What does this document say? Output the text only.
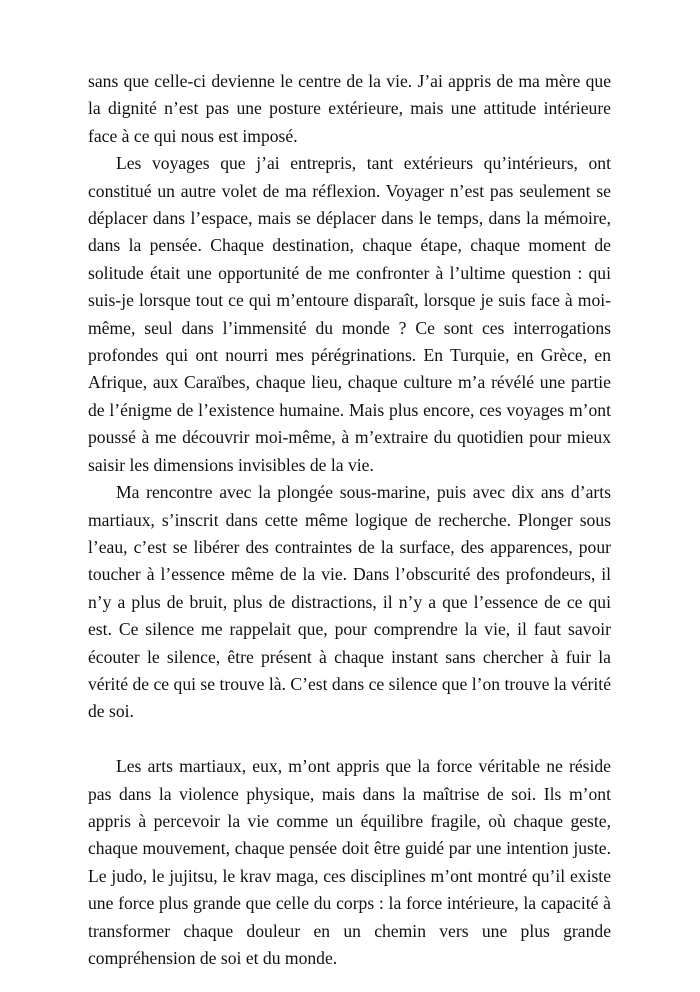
sans que celle-ci devienne le centre de la vie. J’ai appris de ma mère que la dignité n’est pas une posture extérieure, mais une attitude intérieure face à ce qui nous est imposé.

Les voyages que j’ai entrepris, tant extérieurs qu’intérieurs, ont constitué un autre volet de ma réflexion. Voyager n’est pas seulement se déplacer dans l’espace, mais se déplacer dans le temps, dans la mémoire, dans la pensée. Chaque destination, chaque étape, chaque moment de solitude était une opportunité de me confronter à l’ultime question : qui suis-je lorsque tout ce qui m’entoure disparaît, lorsque je suis face à moi-même, seul dans l’immensité du monde ? Ce sont ces interrogations profondes qui ont nourri mes pérégrinations. En Turquie, en Grèce, en Afrique, aux Caraïbes, chaque lieu, chaque culture m’a révélé une partie de l’énigme de l’existence humaine. Mais plus encore, ces voyages m’ont poussé à me découvrir moi-même, à m’extraire du quotidien pour mieux saisir les dimensions invisibles de la vie.

Ma rencontre avec la plongée sous-marine, puis avec dix ans d’arts martiaux, s’inscrit dans cette même logique de recherche. Plonger sous l’eau, c’est se libérer des contraintes de la surface, des apparences, pour toucher à l’essence même de la vie. Dans l’obscurité des profondeurs, il n’y a plus de bruit, plus de distractions, il n’y a que l’essence de ce qui est. Ce silence me rappelait que, pour comprendre la vie, il faut savoir écouter le silence, être présent à chaque instant sans chercher à fuir la vérité de ce qui se trouve là. C’est dans ce silence que l’on trouve la vérité de soi.

Les arts martiaux, eux, m’ont appris que la force véritable ne réside pas dans la violence physique, mais dans la maîtrise de soi. Ils m’ont appris à percevoir la vie comme un équilibre fragile, où chaque geste, chaque mouvement, chaque pensée doit être guidé par une intention juste. Le judo, le jujitsu, le krav maga, ces disciplines m’ont montré qu’il existe une force plus grande que celle du corps : la force intérieure, la capacité à transformer chaque douleur en un chemin vers une plus grande compréhension de soi et du monde.
